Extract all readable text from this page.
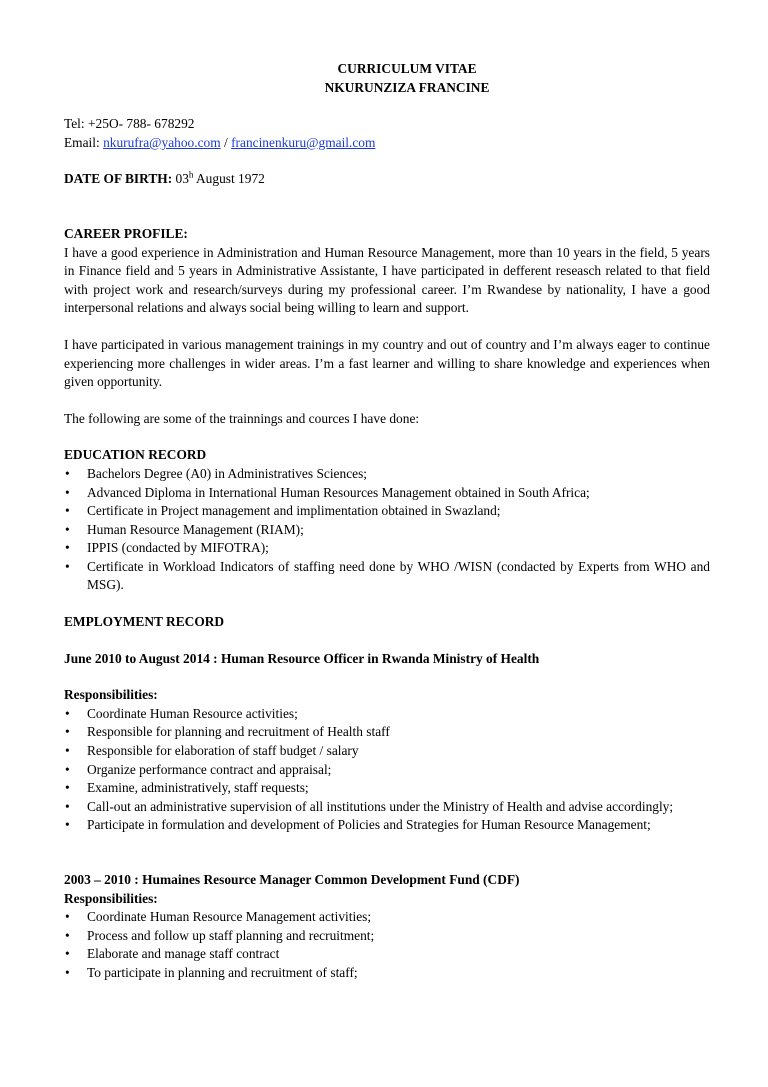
CURRICULUM VITAE

NKURUNZIZA FRANCINE

Tel: +25O- 788- 678292

Email: nkurufra@yahoo.com / francinenkuru@gmail.com

DATE OF BIRTH: 03$^h$ August 1972

CAREER PROFILE:

I have a good experience in Administration and Human Resource Management, more than 10 years in the field, 5 years in Finance field and 5 years in Administrative Assistante, I have participated in defferent reseasch related to that field with project work and research/surveys during my professional career. I’m Rwandese by nationality, I have a good interpersonal relations and always social being willing to learn and support.

I have participated in various management trainings in my country and out of country and I’m always eager to continue experiencing more challenges in wider areas. I’m a fast learner and willing to share knowledge and experiences when given opportunity.

The following are some of the trainnings and cources I have done:

EDUCATION RECORD

• Bachelors Degree (A0) in Administratives Sciences;
• Advanced Diploma in International Human Resources Management obtained in South Africa;
• Certificate in Project management and implimentation obtained in Swazland;
• Human Resource Management (RIAM);
• IPPIS (condacted by MIFOTRA);
• Certificate in Workload Indicators of staffing need done by WHO /WISN (condacted by Experts from WHO and MSG).

EMPLOYMENT RECORD

June 2010 to August 2014 : Human Resource Officer in Rwanda Ministry of Health

Responsibilities:

• Coordinate Human Resource activities;
• Responsible for planning and recruitment of Health staff
• Responsible for elaboration of staff budget / salary
• Organize performance contract and appraisal;
• Examine, administratively, staff requests;
• Call-out an administrative supervision of all institutions under the Ministry of Health and advise accordingly;
• Participate in formulation and development of Policies and Strategies for Human Resource Management;

2003 – 2010 : Humaines Resource Manager Common Development Fund (CDF)

Responsibilities:

• Coordinate Human Resource Management activities;
• Process and follow up staff planning and recruitment;
• Elaborate and manage staff contract
• To participate in planning and recruitment of staff;
